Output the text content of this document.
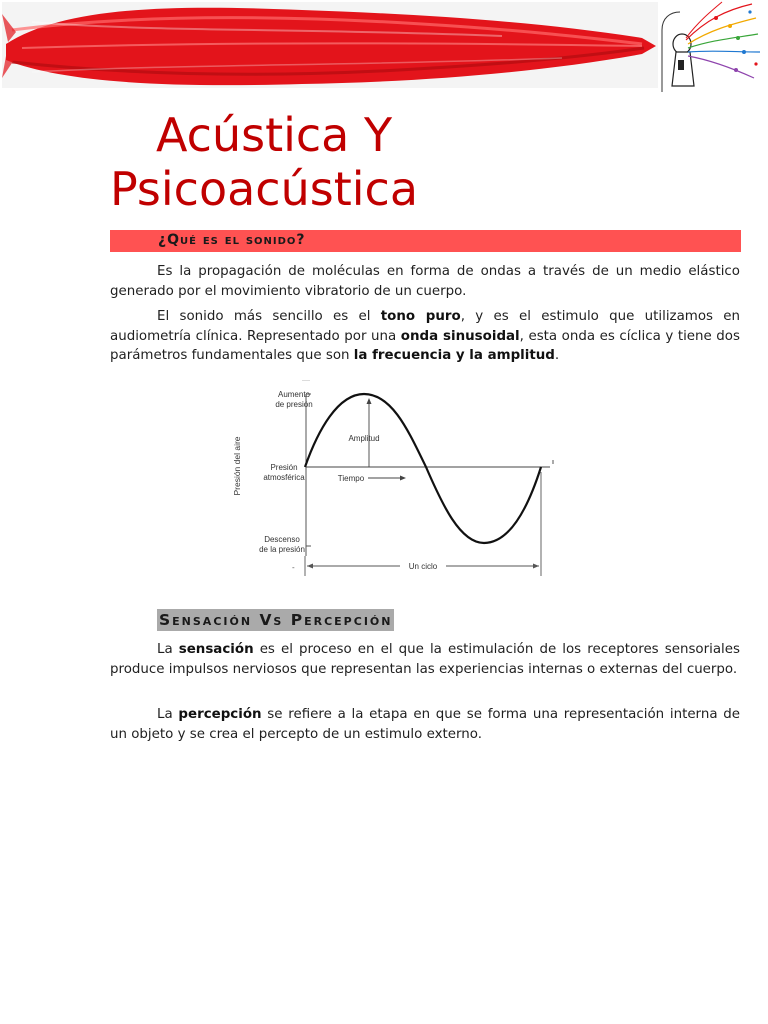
Acústica Y
Psicoacústica
¿Qué es el sonido?

Es la propagación de moléculas en forma de ondas a través de un medio elástico generado por el movimiento vibratorio de un cuerpo.

El sonido más sencillo es el tono puro, y es el estimulo que utilizamos en audiometría clínica. Representado por una onda sinusoidal, esta onda es cíclica y tiene dos parámetros fundamentales que son la frecuencia y la amplitud.

Presión del aire
Aumento
de presión
Presión
atmosférica
Descenso
de la presión
-
Amplitud
Tiempo
Un ciclo
Sensación Vs Percepción

La sensación es el proceso en el que la estimulación de los receptores sensoriales produce impulsos nerviosos que representan las experiencias internas o externas del cuerpo.

La percepción se refiere a la etapa en que se forma una representación interna de un objeto y se crea el percepto de un estimulo externo.
